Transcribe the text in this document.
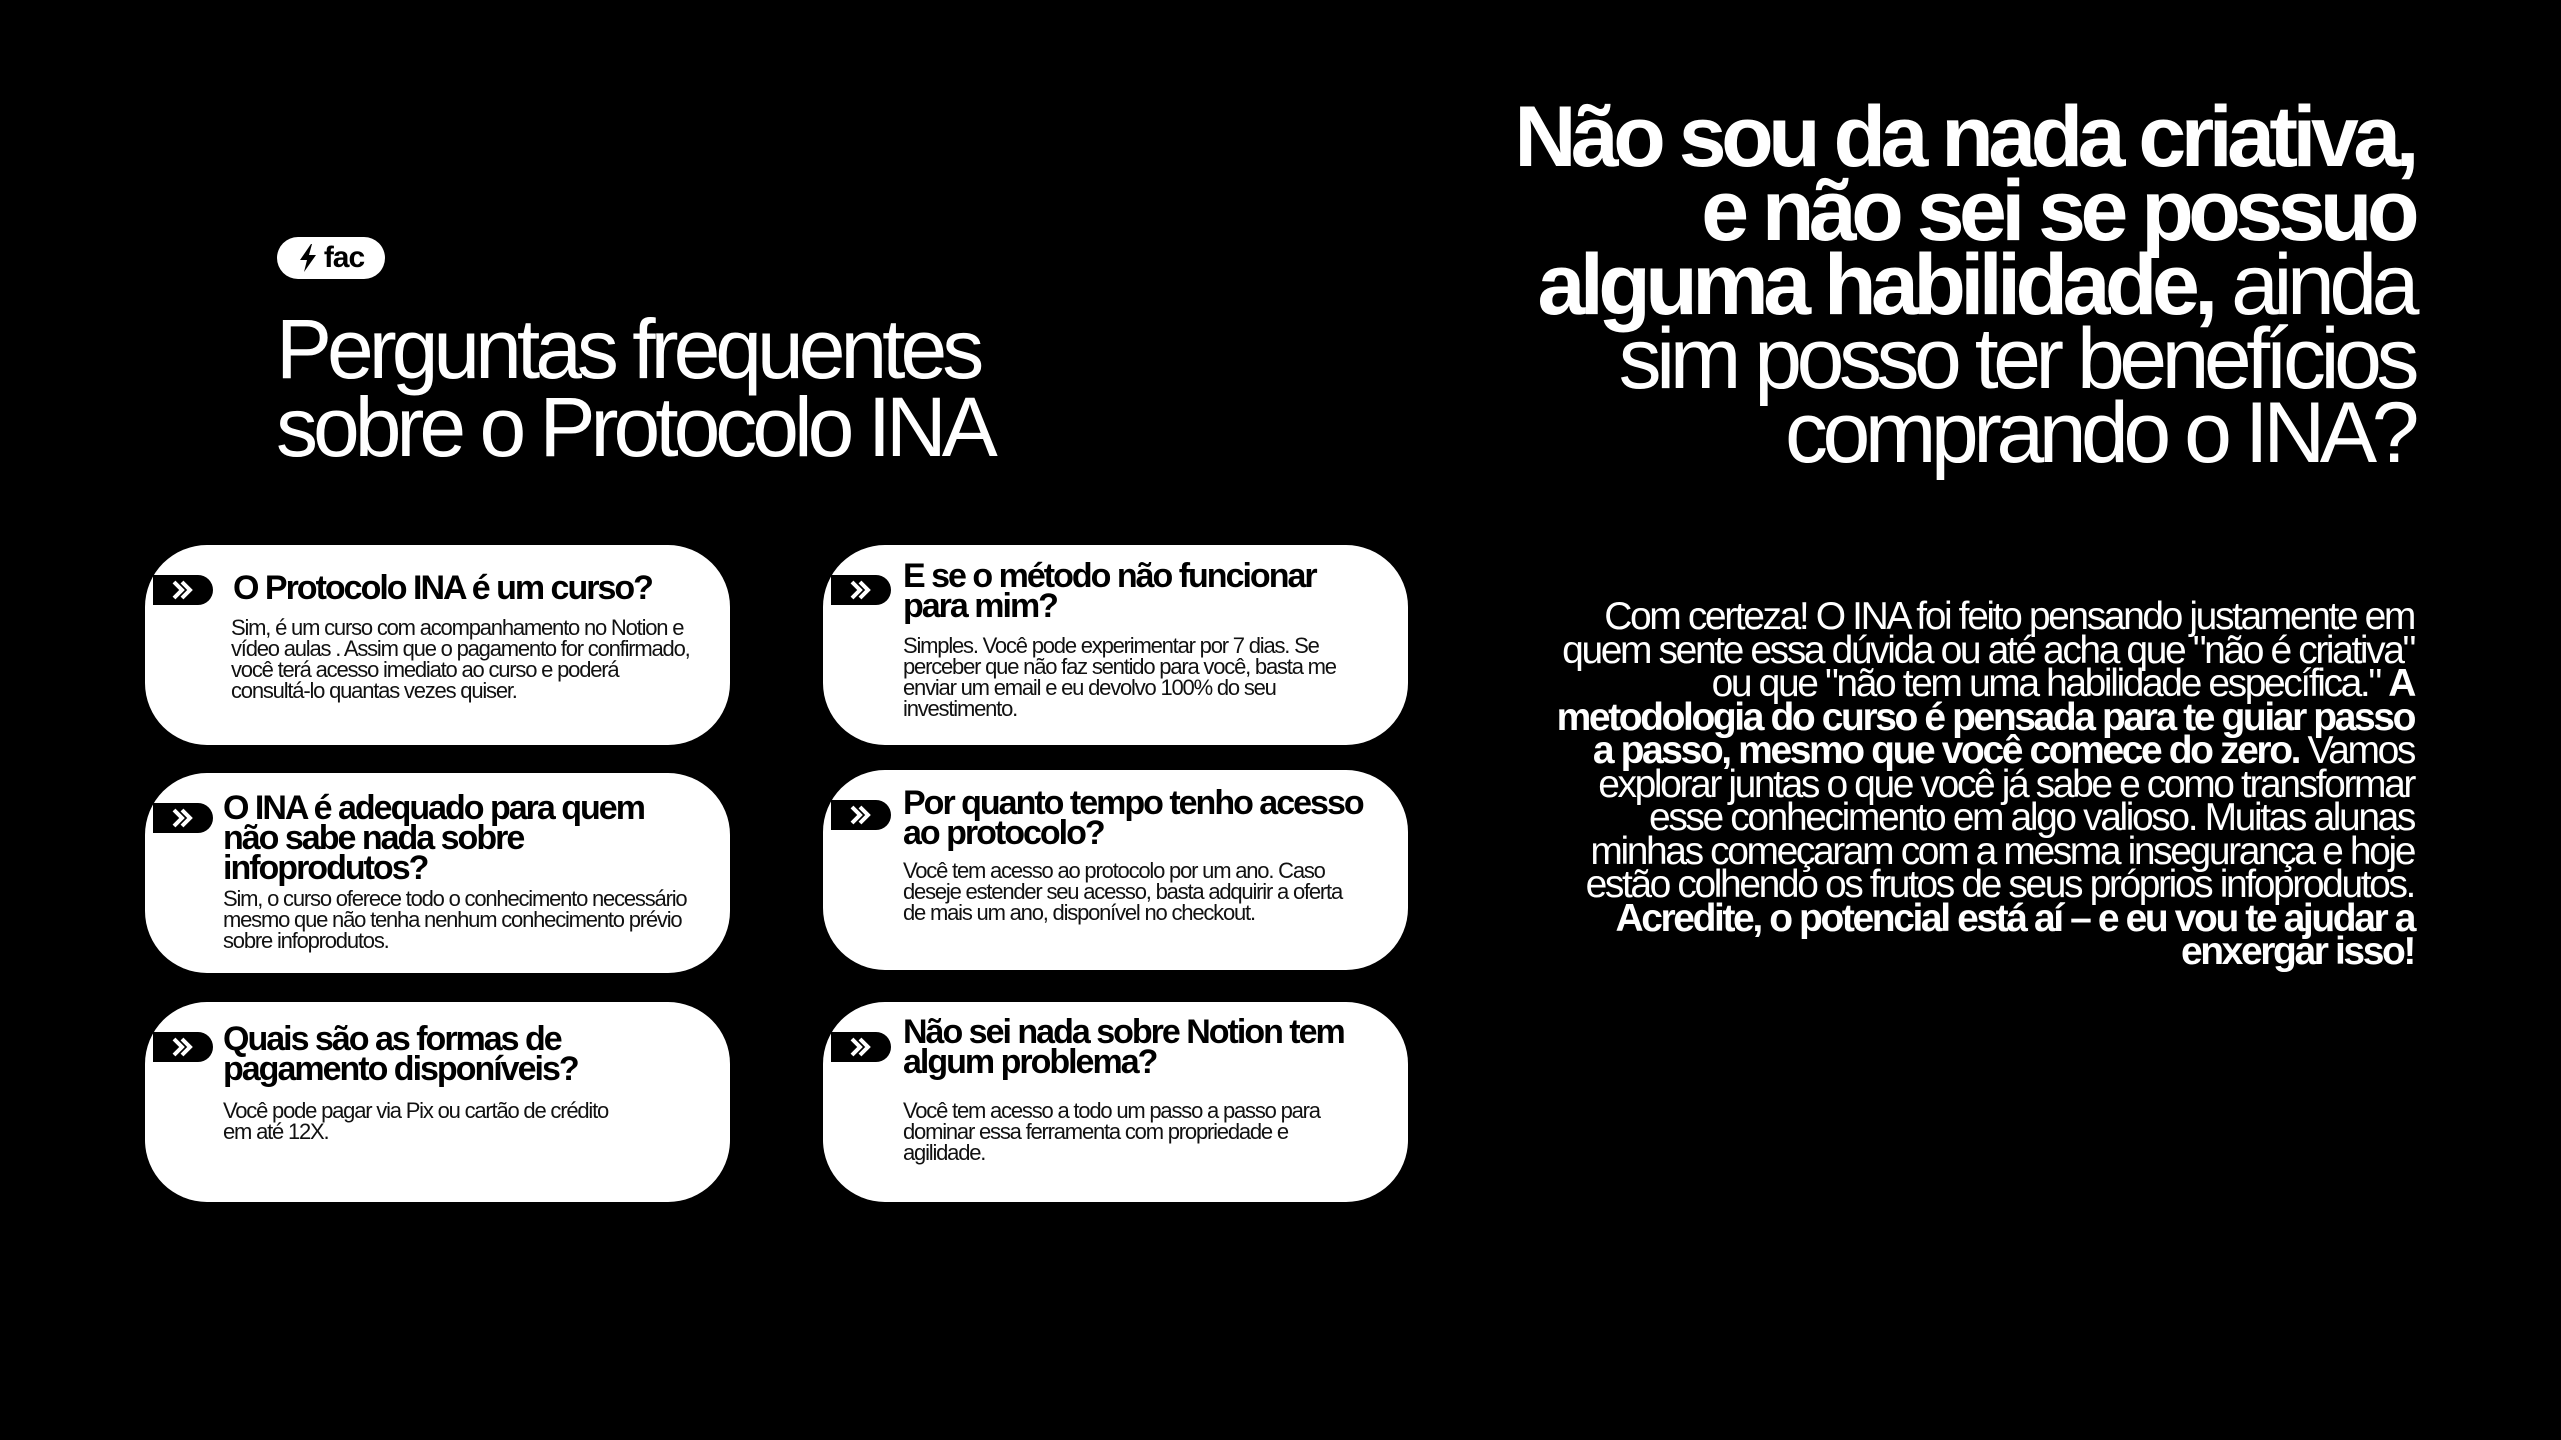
fac
Perguntas frequentes
sobre o Protocolo INA
O Protocolo INA é um curso?
Sim, é um curso com acompanhamento no Notion e vídeo aulas . Assim que o pagamento for confirmado, você terá acesso imediato ao curso e poderá consultá-lo quantas vezes quiser.
E se o método não funcionar para mim?
Simples. Você pode experimentar por 7 dias. Se perceber que não faz sentido para você, basta me enviar um email e eu devolvo 100% do seu investimento.
O INA é adequado para quem não sabe nada sobre infoprodutos?
Sim, o curso oferece todo o conhecimento necessário mesmo que não tenha nenhum conhecimento prévio sobre infoprodutos.
Por quanto tempo tenho acesso ao protocolo?
Você tem acesso ao protocolo por um ano. Caso deseje estender seu acesso, basta adquirir a oferta de mais um ano, disponível no checkout.
Quais são as formas de pagamento disponíveis?
Você pode pagar via Pix ou cartão de crédito em até 12X.
Não sei nada sobre Notion tem algum problema?
Você tem acesso a todo um passo a passo para dominar essa ferramenta com propriedade e agilidade.
Não sou da nada criativa, e não sei se possuo alguma habilidade, ainda sim posso ter benefícios comprando o INA?
Com certeza! O INA foi feito pensando justamente em quem sente essa dúvida ou até acha que "não é criativa" ou que "não tem uma habilidade específica." A metodologia do curso é pensada para te guiar passo a passo, mesmo que você comece do zero. Vamos explorar juntas o que você já sabe e como transformar esse conhecimento em algo valioso. Muitas alunas minhas começaram com a mesma insegurança e hoje estão colhendo os frutos de seus próprios infoprodutos. Acredite, o potencial está aí – e eu vou te ajudar a enxergar isso!
